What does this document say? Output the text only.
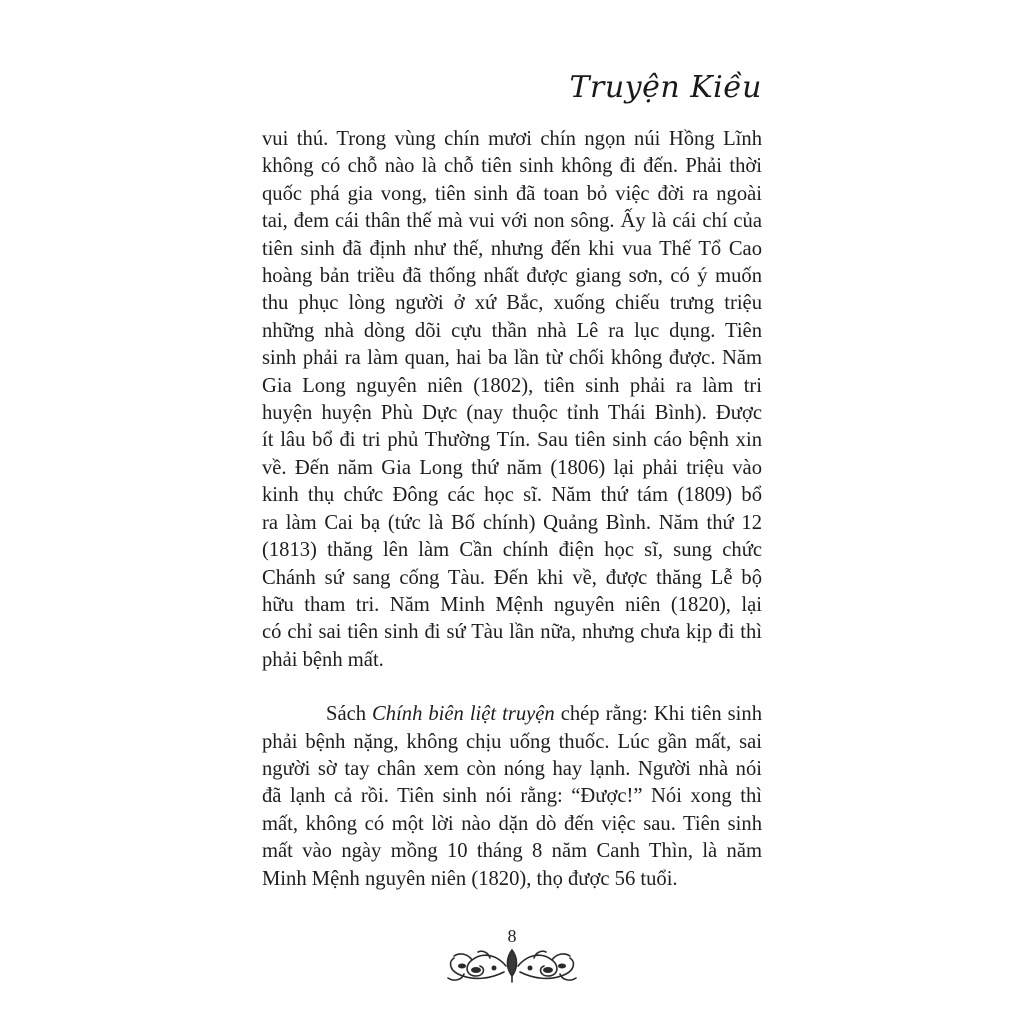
Truyện Kiều

vui thú. Trong vùng chín mươi chín ngọn núi Hồng Lĩnh
không có chỗ nào là chỗ tiên sinh không đi đến. Phải thời
quốc phá gia vong, tiên sinh đã toan bỏ việc đời ra ngoài
tai, đem cái thân thế mà vui với non sông. Ấy là cái chí của
tiên sinh đã định như thế, nhưng đến khi vua Thế Tổ Cao
hoàng bản triều đã thống nhất được giang sơn, có ý muốn
thu phục lòng người ở xứ Bắc, xuống chiếu trưng triệu
những nhà dòng dõi cựu thần nhà Lê ra lục dụng. Tiên
sinh phải ra làm quan, hai ba lần từ chối không được. Năm
Gia Long nguyên niên (1802), tiên sinh phải ra làm tri
huyện huyện Phù Dực (nay thuộc tỉnh Thái Bình). Được
ít lâu bổ đi tri phủ Thường Tín. Sau tiên sinh cáo bệnh xin
về. Đến năm Gia Long thứ năm (1806) lại phải triệu vào
kinh thụ chức Đông các học sĩ. Năm thứ tám (1809) bổ
ra làm Cai bạ (tức là Bố chính) Quảng Bình. Năm thứ 12
(1813) thăng lên làm Cần chính điện học sĩ, sung chức
Chánh sứ sang cống Tàu. Đến khi về, được thăng Lễ bộ
hữu tham tri. Năm Minh Mệnh nguyên niên (1820), lại
có chỉ sai tiên sinh đi sứ Tàu lần nữa, nhưng chưa kịp đi thì
phải bệnh mất.

Sách Chính biên liệt truyện chép rằng: Khi tiên sinh
phải bệnh nặng, không chịu uống thuốc. Lúc gần mất, sai
người sờ tay chân xem còn nóng hay lạnh. Người nhà nói
đã lạnh cả rồi. Tiên sinh nói rằng: “Được!” Nói xong thì
mất, không có một lời nào dặn dò đến việc sau. Tiên sinh
mất vào ngày mồng 10 tháng 8 năm Canh Thìn, là năm
Minh Mệnh nguyên niên (1820), thọ được 56 tuổi.

8
